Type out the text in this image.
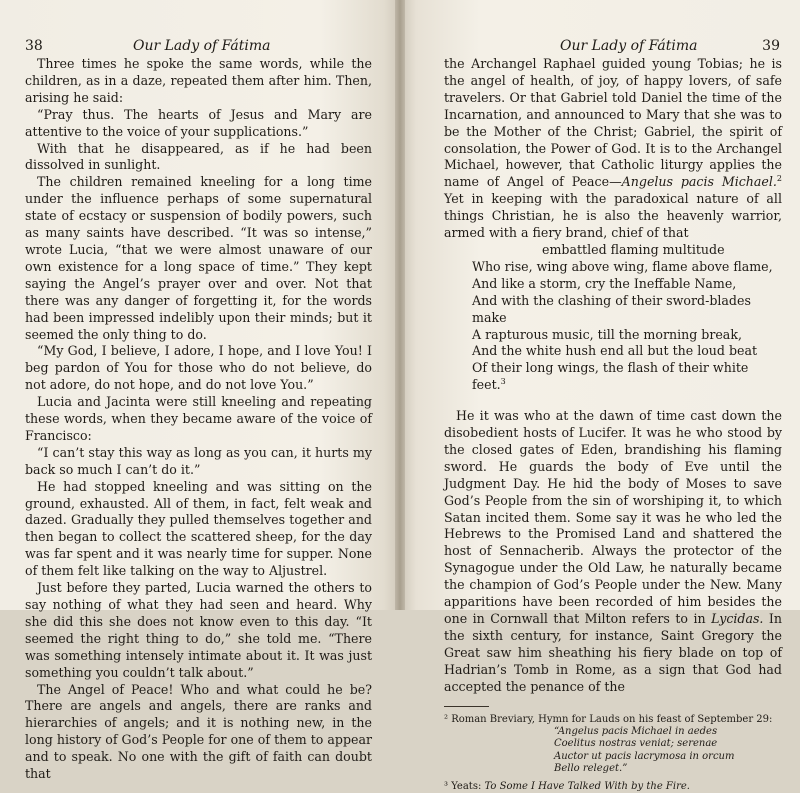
38	Our Lady of Fátima

Three times he spoke the same words, while the children, as in a daze, repeated them after him. Then, arising he said:

“Pray thus. The hearts of Jesus and Mary are attentive to the voice of your supplications.”

With that he disappeared, as if he had been dissolved in sunlight.

The children remained kneeling for a long time under the influence perhaps of some supernatural state of ecstacy or suspension of bodily powers, such as many saints have described. “It was so intense,” wrote Lucia, “that we were almost unaware of our own existence for a long space of time.” They kept saying the Angel’s prayer over and over. Not that there was any danger of forgetting it, for the words had been impressed indelibly upon their minds; but it seemed the only thing to do.

“My God, I believe, I adore, I hope, and I love You! I beg pardon of You for those who do not believe, do not adore, do not hope, and do not love You.”

Lucia and Jacinta were still kneeling and repeating these words, when they became aware of the voice of Francisco:

“I can’t stay this way as long as you can, it hurts my back so much I can’t do it.”

He had stopped kneeling and was sitting on the ground, exhausted. All of them, in fact, felt weak and dazed. Gradually they pulled themselves together and then began to collect the scattered sheep, for the day was far spent and it was nearly time for supper. None of them felt like talking on the way to Aljustrel.

Just before they parted, Lucia warned the others to say nothing of what they had seen and heard. Why she did this she does not know even to this day. “It seemed the right thing to do,” she told me. “There was something intensely intimate about it. It was just something you couldn’t talk about.”

The Angel of Peace! Who and what could he be? There are angels and angels, there are ranks and hierarchies of angels; and it is nothing new, in the long history of God’s People for one of them to appear and to speak. No one with the gift of faith can doubt that

Our Lady of Fátima	39

the Archangel Raphael guided young Tobias; he is the angel of health, of joy, of happy lovers, of safe travelers. Or that Gabriel told Daniel the time of the Incarnation, and announced to Mary that she was to be the Mother of the Christ; Gabriel, the spirit of consolation, the Power of God. It is to the Archangel Michael, however, that Catholic liturgy applies the name of Angel of Peace—Angelus pacis Michael.$^2$ Yet in keeping with the paradoxical nature of all things Christian, he is also the heavenly warrior, armed with a fiery brand, chief of that

embattled flaming multitude
Who rise, wing above wing, flame above flame,
And like a storm, cry the Ineffable Name,
And with the clashing of their sword-blades make
A rapturous music, till the morning break,
And the white hush end all but the loud beat
Of their long wings, the flash of their white feet.$^3$

He it was who at the dawn of time cast down the disobedient hosts of Lucifer. It was he who stood by the closed gates of Eden, brandishing his flaming sword. He guards the body of Eve until the Judgment Day. He hid the body of Moses to save God’s People from the sin of worshiping it, to which Satan incited them. Some say it was he who led the Hebrews to the Promised Land and shattered the host of Sennacherib. Always the protector of the Synagogue under the Old Law, he naturally became the champion of God’s People under the New. Many apparitions have been recorded of him besides the one in Cornwall that Milton refers to in Lycidas. In the sixth century, for instance, Saint Gregory the Great saw him sheathing his fiery blade on top of Hadrian’s Tomb in Rome, as a sign that God had accepted the penance of the

² Roman Breviary, Hymn for Lauds on his feast of September 29:
“Angelus pacis Michael in aedes
Coelitus nostras veniat; serenae
Auctor ut pacis lacrymosa in orcum
Bello releget.”
³ Yeats: To Some I Have Talked With by the Fire.
